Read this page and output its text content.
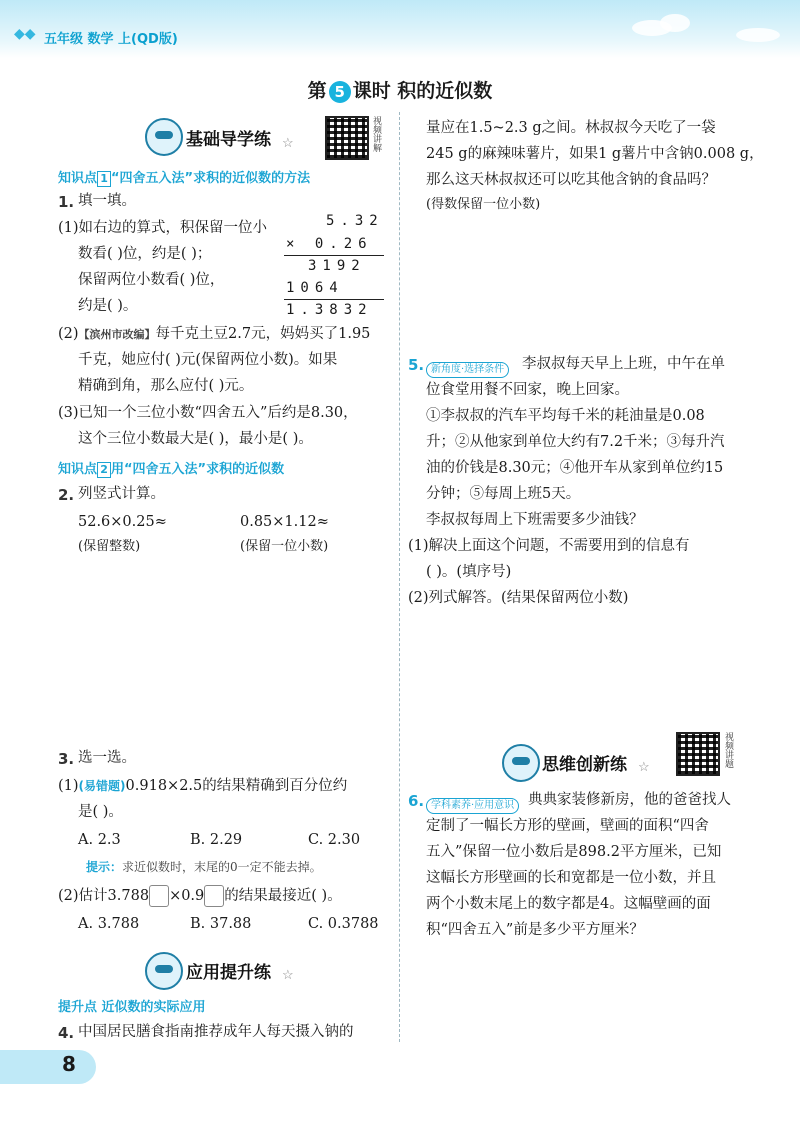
◆◆ 五年级 数学 上(QD版)
第 5 课时 积的近似数
基础导学练 ☆	视频讲解
知识点 1 “四舍五入法”求积的近似数的方法
1. 填一填。
(1)如右边的算式，积保留一位小
数看( )位，约是( )；
保留两位小数看( )位，
约是( )。
5.32
× 0.26
3192
1064
1.3832
(2)【滨州市改编】每千克土豆2.7元，妈妈买了1.95
千克，她应付( )元(保留两位小数)。如果
精确到角，那么应付( )元。
(3)已知一个三位小数“四舍五入”后约是8.30，
这个三位小数最大是( )，最小是( )。
知识点 2 用“四舍五入法”求积的近似数
2. 列竖式计算。
52.6×0.25≈	0.85×1.12≈
(保留整数)	(保留一位小数)
3. 选一选。
(1)(易错题)0.918×2.5的结果精确到百分位约
是( )。
A. 2.3	B. 2.29	C. 2.30
提示：求近似数时，末尾的0一定不能去掉。
(2)估计3.788 ×0.9 的结果最接近( )。
A. 3.788	B. 37.88	C. 0.3788
应用提升练 ☆
提升点 近似数的实际应用
4. 中国居民膳食指南推荐成年人每天摄入钠的
量应在1.5~2.3 g之间。林叔叔今天吃了一袋
245 g的麻辣味薯片，如果1 g薯片中含钠0.008 g，
那么这天林叔叔还可以吃其他含钠的食品吗？
(得数保留一位小数)
5. 新角度·选择条件	李叔叔每天早上上班，中午在单
位食堂用餐不回家，晚上回家。
①李叔叔的汽车平均每千米的耗油量是0.08
升；②从他家到单位大约有7.2千米；③每升汽
油的价钱是8.30元；④他开车从家到单位约15
分钟；⑤每周上班5天。
李叔叔每周上下班需要多少油钱？
(1)解决上面这个问题，不需要用到的信息有
( )。(填序号)
(2)列式解答。(结果保留两位小数)
思维创新练 ☆	视频讲题
6. 学科素养·应用意识 典典家装修新房，他的爸爸找人
定制了一幅长方形的壁画，壁画的面积“四舍
五入”保留一位小数后是898.2平方厘米，已知
这幅长方形壁画的长和宽都是一位小数，并且
两个小数末尾上的数字都是4。这幅壁画的面
积“四舍五入”前是多少平方厘米？
8
